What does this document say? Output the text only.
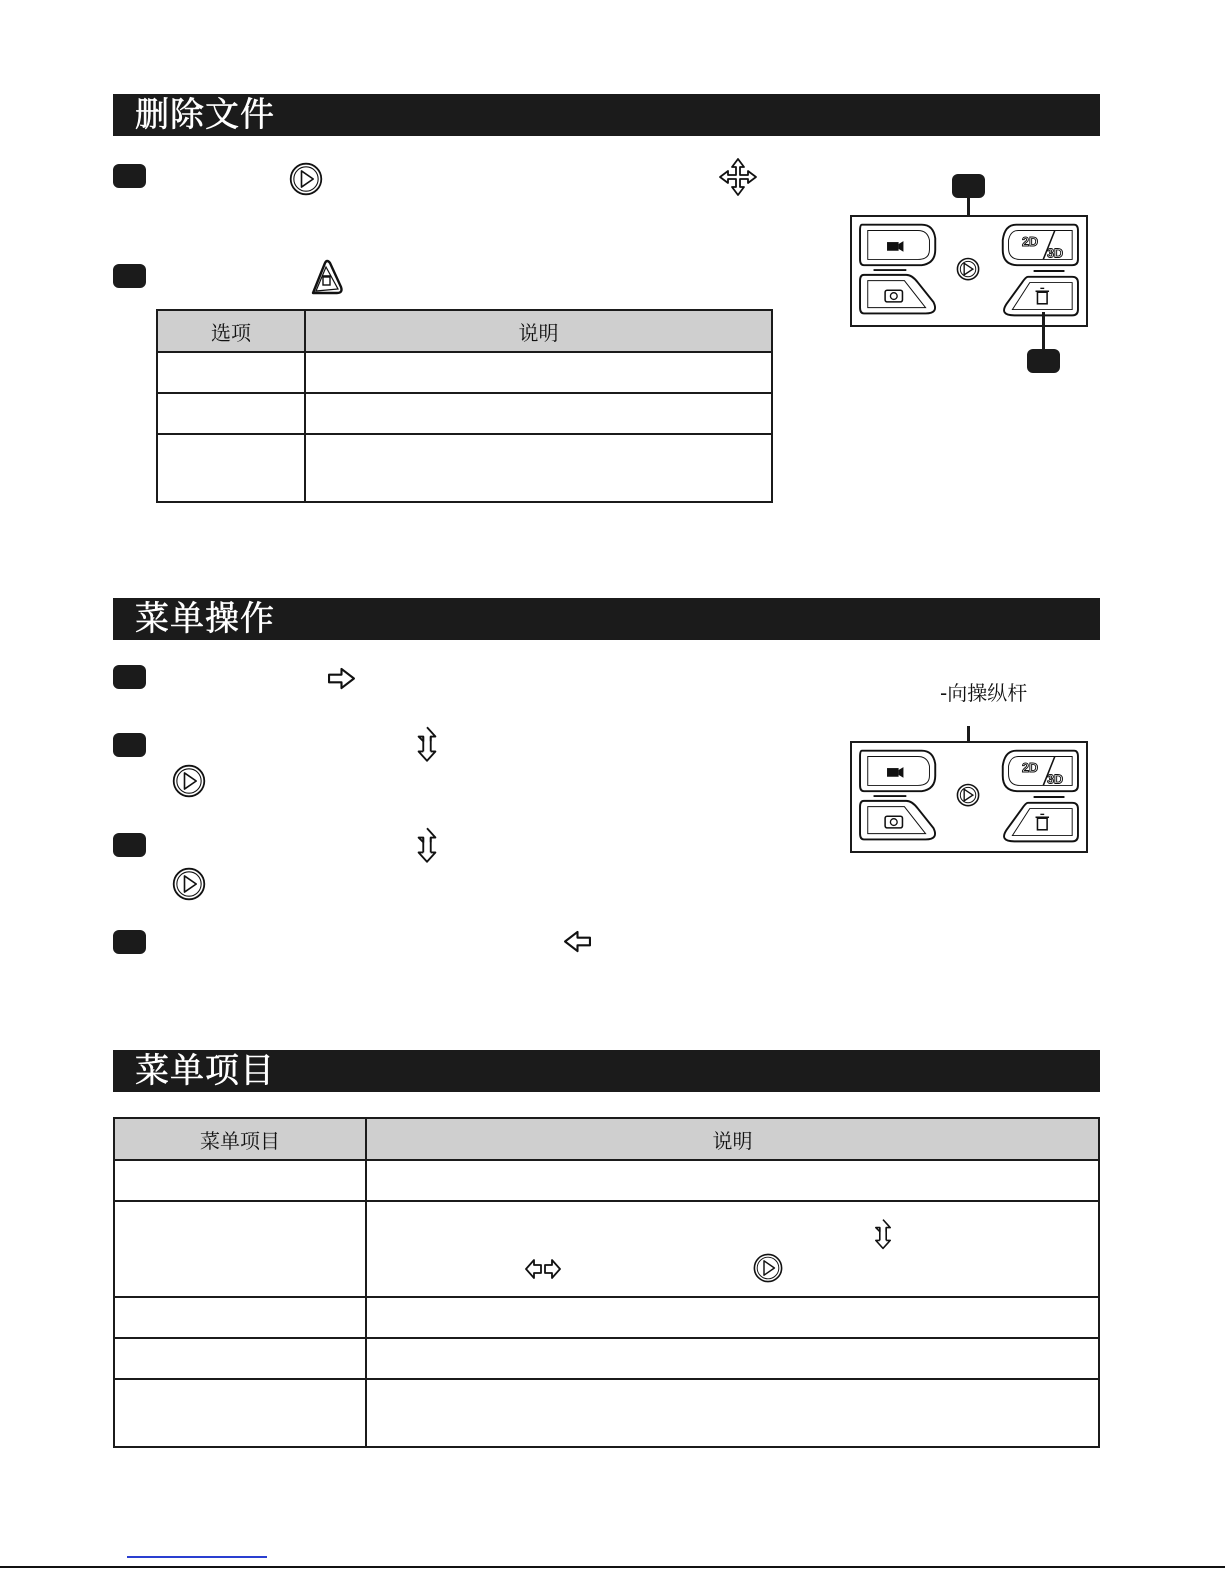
删除文件
选项	说明

2D
3D
菜单操作
-向操纵杆
2D
3D
菜单项目
菜单项目	说明
